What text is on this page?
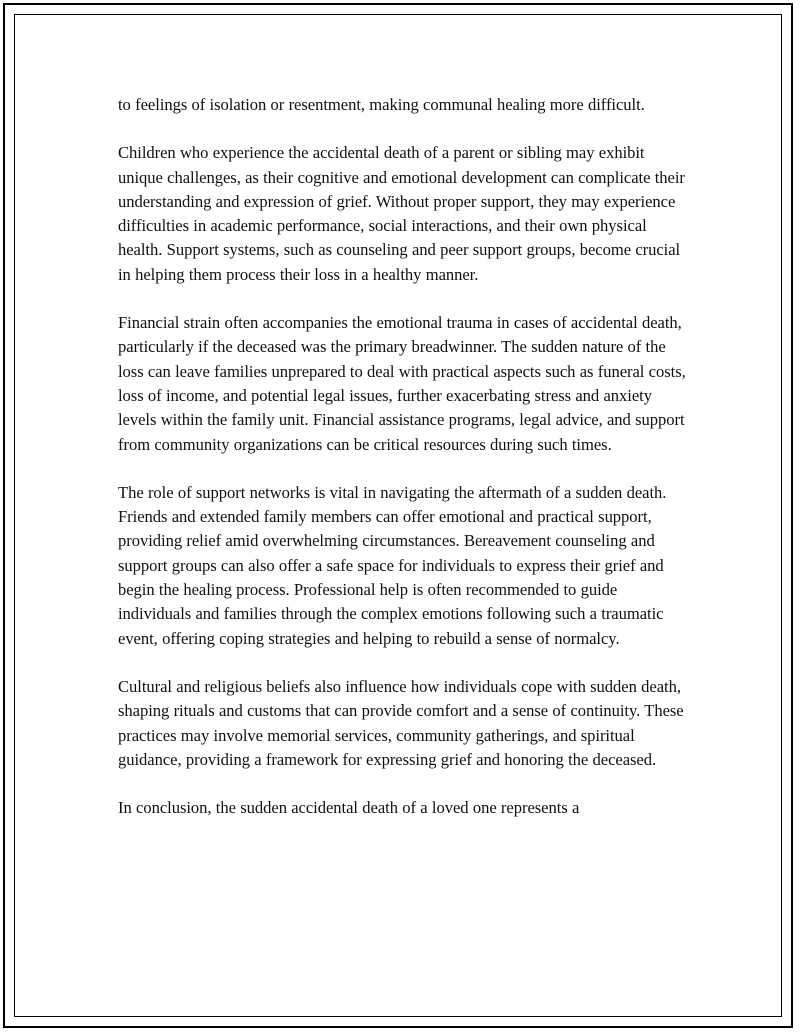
to feelings of isolation or resentment, making communal healing more difficult.

Children who experience the accidental death of a parent or sibling may exhibit unique challenges, as their cognitive and emotional development can complicate their understanding and expression of grief. Without proper support, they may experience difficulties in academic performance, social interactions, and their own physical health. Support systems, such as counseling and peer support groups, become crucial in helping them process their loss in a healthy manner.

Financial strain often accompanies the emotional trauma in cases of accidental death, particularly if the deceased was the primary breadwinner. The sudden nature of the loss can leave families unprepared to deal with practical aspects such as funeral costs, loss of income, and potential legal issues, further exacerbating stress and anxiety levels within the family unit. Financial assistance programs, legal advice, and support from community organizations can be critical resources during such times.

The role of support networks is vital in navigating the aftermath of a sudden death. Friends and extended family members can offer emotional and practical support, providing relief amid overwhelming circumstances. Bereavement counseling and support groups can also offer a safe space for individuals to express their grief and begin the healing process. Professional help is often recommended to guide individuals and families through the complex emotions following such a traumatic event, offering coping strategies and helping to rebuild a sense of normalcy.

Cultural and religious beliefs also influence how individuals cope with sudden death, shaping rituals and customs that can provide comfort and a sense of continuity. These practices may involve memorial services, community gatherings, and spiritual guidance, providing a framework for expressing grief and honoring the deceased.

In conclusion, the sudden accidental death of a loved one represents a
